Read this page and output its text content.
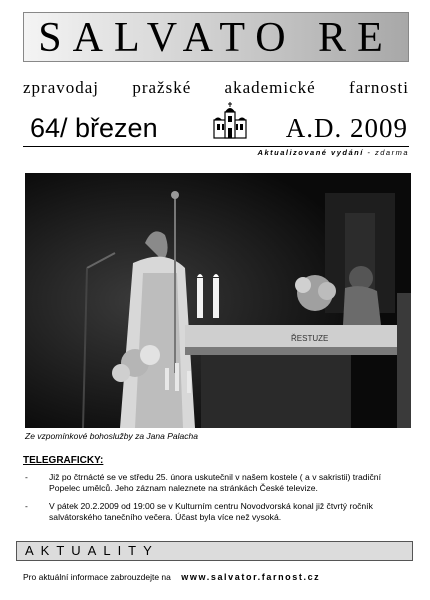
SALVATO RE
zpravodaj pražské akademické farnosti
64/ březen	A.D. 2009
Aktualizované vydání - zdarma
ŘESTUZE
Ze vzpomínkové bohoslužby za Jana Palacha
TELEGRAFICKY:
- Již po čtrnácté se ve středu 25. února uskutečnil v našem kostele ( a v sakristii) tradiční Popelec umělců. Jeho záznam naleznete na stránkách České televize.
- V pátek 20.2.2009 od 19:00 se v Kulturním centru Novodvorská konal již čtvrtý ročník salvátorského tanečního večera. Účast byla více než vysoká.
AKTUALITY
Pro aktuální informace zabrouzdejte na www.salvator.farnost.cz
